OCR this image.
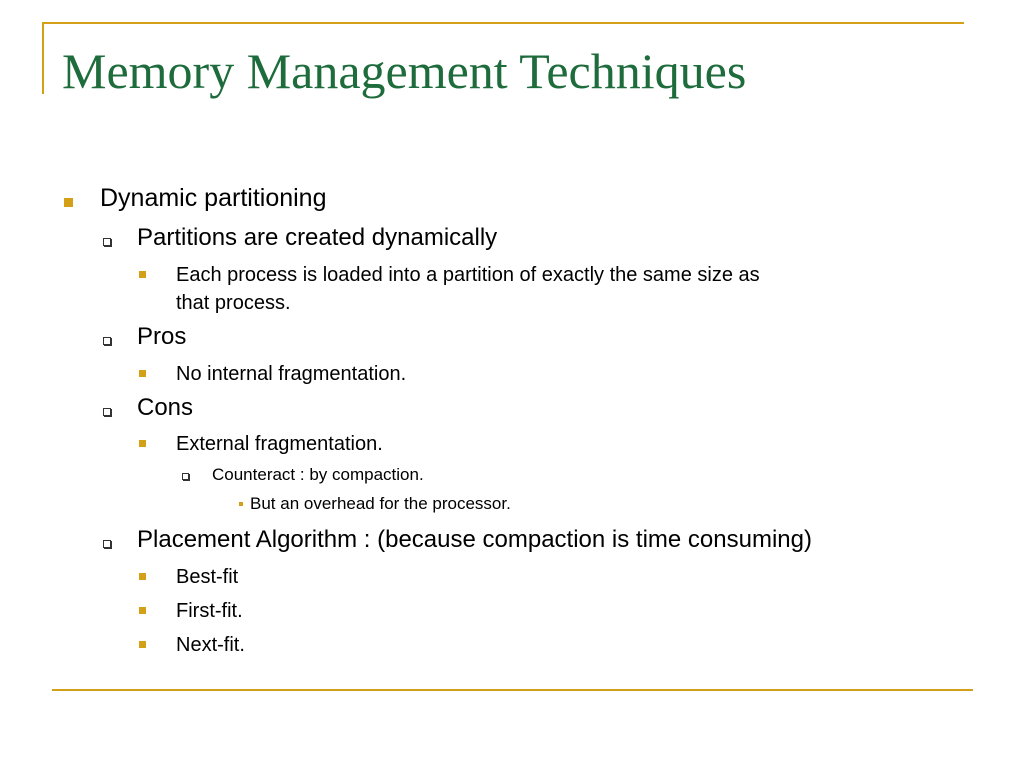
Memory Management Techniques
Dynamic partitioning
Partitions are created dynamically
Each process is loaded into a partition of exactly the same size as
that process.
Pros
No internal fragmentation.
Cons
External fragmentation.
Counteract : by compaction.
But an overhead for the processor.
Placement Algorithm : (because compaction is time consuming)
Best-fit
First-fit.
Next-fit.
